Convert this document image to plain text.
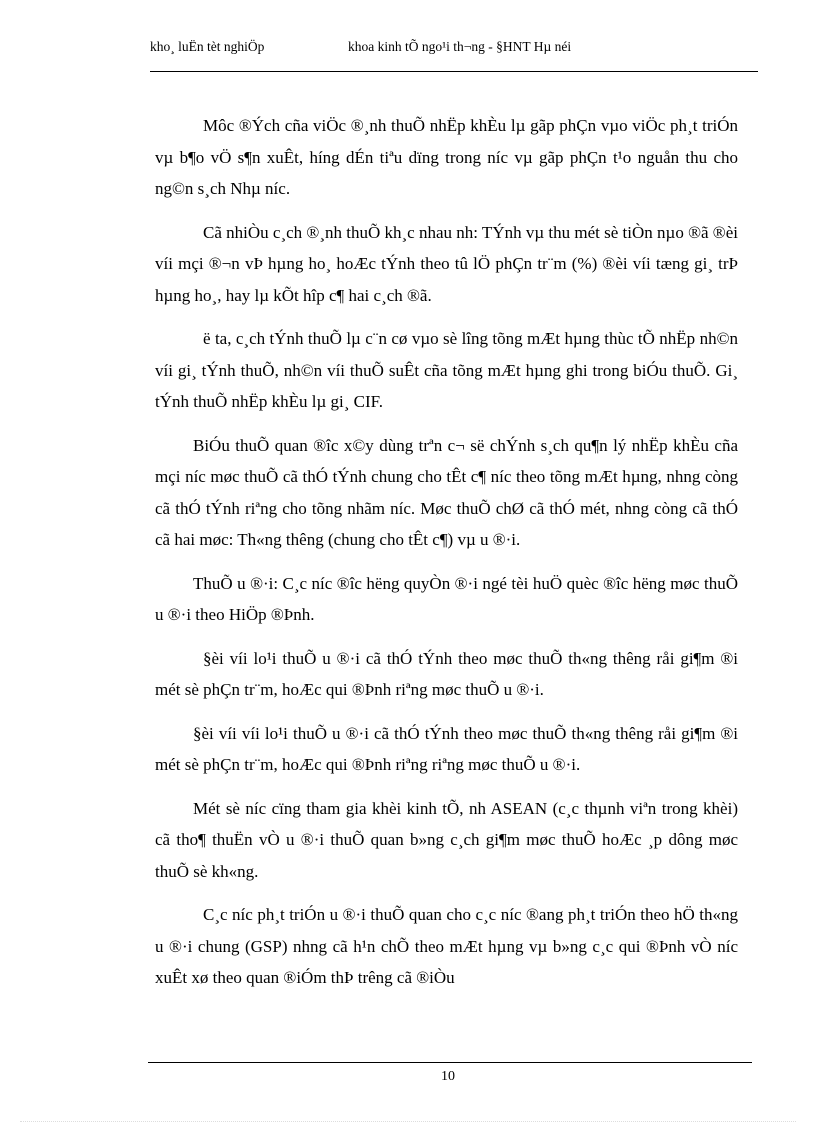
kho¸ luËn tèt nghiÖp	khoa kinh tÕ ngo¹i th¬ng - §HNT Hµ néi

Môc ®Ých cña viÖc ®¸nh thuÕ nhËp khÈu lµ gãp phÇn vµo viÖc ph¸t triÓn vµ b¶o vÖ s¶n xuÊt, híng dÉn tiªu dïng trong níc vµ gãp phÇn t¹o nguån thu cho ng©n s¸ch Nhµ níc.

Cã nhiÒu c¸ch ®¸nh thuÕ kh¸c nhau nh: TÝnh vµ thu mét sè tiÒn nµo ®ã ®èi víi mçi ®¬n vÞ hµng ho¸ hoÆc tÝnh theo tû lÖ phÇn tr¨m (%) ®èi víi tæng gi¸ trÞ hµng ho¸, hay lµ kÕt hîp c¶ hai c¸ch ®ã.

ë ta, c¸ch tÝnh thuÕ lµ c¨n cø vµo sè lîng tõng mÆt hµng thùc tÕ nhËp nh©n víi gi¸ tÝnh thuÕ, nh©n víi thuÕ suÊt cña tõng mÆt hµng ghi trong biÓu thuÕ. Gi¸ tÝnh thuÕ nhËp khÈu lµ gi¸ CIF.

BiÓu thuÕ quan ®îc x©y dùng trªn c¬ së chÝnh s¸ch qu¶n lý nhËp khÈu cña mçi níc møc thuÕ cã thÓ tÝnh chung cho tÊt c¶ níc theo tõng mÆt hµng, nhng còng cã thÓ tÝnh riªng cho tõng nhãm níc. Møc thuÕ chØ cã thÓ mét, nhng còng cã thÓ cã hai møc: Th«ng thêng (chung cho tÊt c¶) vµ u ®·i.

ThuÕ u ®·i: C¸c níc ®îc hëng quyÒn ®·i ngé tèi huÖ quèc ®îc hëng møc thuÕ u ®·i theo HiÖp ®Þnh.

§èi víi lo¹i thuÕ u ®·i cã thÓ tÝnh theo møc thuÕ th«ng thêng råi gi¶m ®i mét sè phÇn tr¨m, hoÆc qui ®Þnh riªng møc thuÕ u ®·i.

§èi víi víi lo¹i thuÕ u ®·i cã thÓ tÝnh theo møc thuÕ th«ng thêng råi gi¶m ®i mét sè phÇn tr¨m, hoÆc qui ®Þnh riªng riªng møc thuÕ u ®·i.

Mét sè níc cïng tham gia khèi kinh tÕ, nh ASEAN (c¸c thµnh viªn trong khèi) cã tho¶ thuËn vÒ u ®·i thuÕ quan b»ng c¸ch gi¶m møc thuÕ hoÆc ¸p dông møc thuÕ sè kh«ng.

C¸c níc ph¸t triÓn u ®·i thuÕ quan cho c¸c níc ®ang ph¸t triÓn theo hÖ th«ng u ®·i chung (GSP) nhng cã h¹n chÕ theo mÆt hµng vµ b»ng c¸c qui ®Þnh vÒ níc xuÊt xø theo quan ®iÓm thÞ trêng cã ®iÒu

10
